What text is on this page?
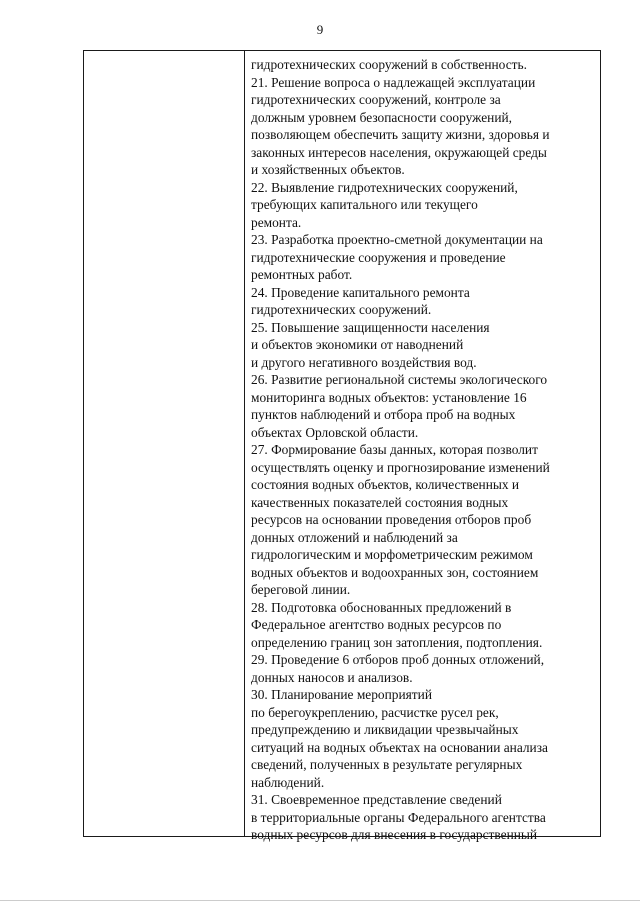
9
гидротехнических сооружений в собственность.
21. Решение вопроса о надлежащей эксплуатации
гидротехнических сооружений, контроле за
должным уровнем безопасности сооружений,
позволяющем обеспечить защиту жизни, здоровья и
законных интересов населения, окружающей среды
и хозяйственных объектов.
22. Выявление гидротехнических сооружений,
требующих капитального или текущего
ремонта.
23. Разработка проектно-сметной документации на
гидротехнические сооружения и проведение
ремонтных работ.
24. Проведение капитального ремонта
гидротехнических сооружений.
25. Повышение защищенности населения
и объектов экономики от наводнений
и другого негативного воздействия вод.
26. Развитие региональной системы экологического
мониторинга водных объектов: установление 16
пунктов наблюдений и отбора проб на водных
объектах Орловской области.
27. Формирование базы данных, которая позволит
осуществлять оценку и прогнозирование изменений
состояния водных объектов, количественных и
качественных показателей состояния водных
ресурсов на основании проведения отборов проб
донных отложений и наблюдений за
гидрологическим и морфометрическим режимом
водных объектов и водоохранных зон, состоянием
береговой линии.
28. Подготовка обоснованных предложений в
Федеральное агентство водных ресурсов по
определению границ зон затопления, подтопления.
29. Проведение 6 отборов проб донных отложений,
донных наносов и анализов.
30. Планирование мероприятий
по берегоукреплению, расчистке русел рек,
предупреждению и ликвидации чрезвычайных
ситуаций на водных объектах на основании анализа
сведений, полученных в результате регулярных
наблюдений.
31. Своевременное представление сведений
в территориальные органы Федерального агентства
водных ресурсов для внесения в государственный
